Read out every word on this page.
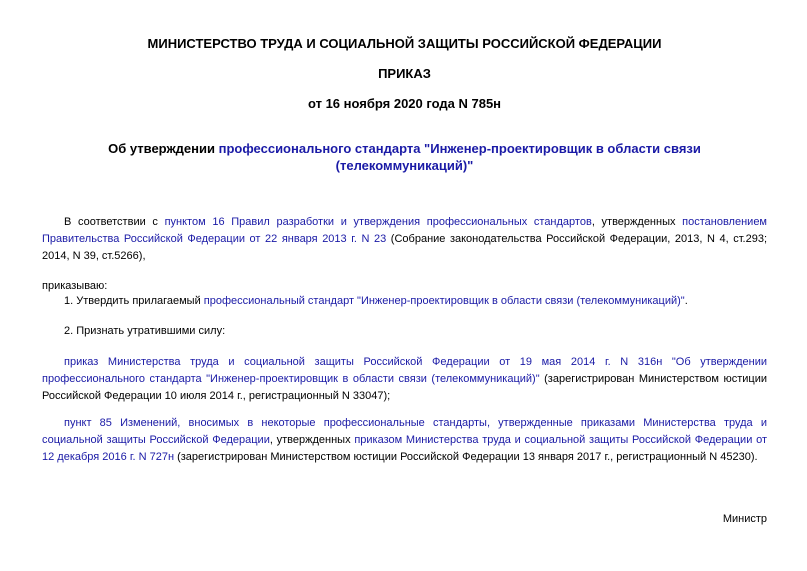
МИНИСТЕРСТВО ТРУДА И СОЦИАЛЬНОЙ ЗАЩИТЫ РОССИЙСКОЙ ФЕДЕРАЦИИ
ПРИКАЗ
от 16 ноября 2020 года N 785н
Об утверждении профессионального стандарта "Инженер-проектировщик в области связи (телекоммуникаций)"
В соответствии с пунктом 16 Правил разработки и утверждения профессиональных стандартов, утвержденных постановлением Правительства Российской Федерации от 22 января 2013 г. N 23 (Собрание законодательства Российской Федерации, 2013, N 4, ст.293; 2014, N 39, ст.5266),
приказываю:
1. Утвердить прилагаемый профессиональный стандарт "Инженер-проектировщик в области связи (телекоммуникаций)".
2. Признать утратившими силу:
приказ Министерства труда и социальной защиты Российской Федерации от 19 мая 2014 г. N 316н "Об утверждении профессионального стандарта "Инженер-проектировщик в области связи (телекоммуникаций)" (зарегистрирован Министерством юстиции Российской Федерации 10 июля 2014 г., регистрационный N 33047);
пункт 85 Изменений, вносимых в некоторые профессиональные стандарты, утвержденные приказами Министерства труда и социальной защиты Российской Федерации, утвержденных приказом Министерства труда и социальной защиты Российской Федерации от 12 декабря 2016 г. N 727н (зарегистрирован Министерством юстиции Российской Федерации 13 января 2017 г., регистрационный N 45230).
Министр
